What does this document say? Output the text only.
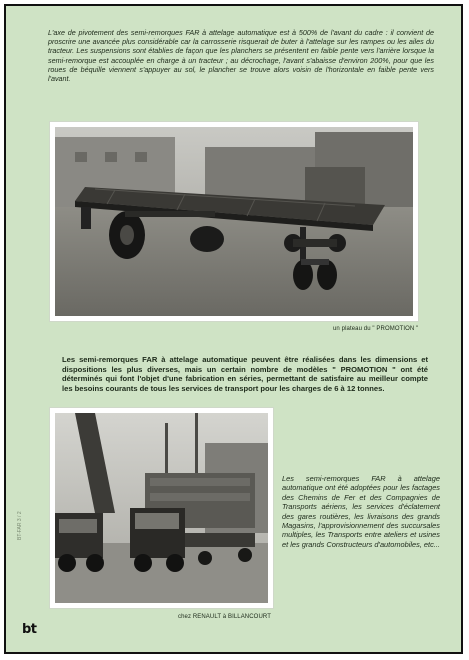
L'axe de pivotement des semi-remorques FAR à attelage automatique est à 500% de l'avant du cadre : il convient de proscrire une avancée plus considérable car la carrosserie risquerait de buter à l'attelage sur les rampes ou les ailes du tracteur. Les suspensions sont établies de façon que les planchers se présentent en faible pente vers l'arrière lorsque la semi-remorque est accouplée en charge à un tracteur ; au décrochage, l'avant s'abaisse d'environ 200%, pour que les roues de béquille viennent s'appuyer au sol, le plancher se trouve alors voisin de l'horizontale en faible pente vers l'avant.

un plateau du " PROMOTION "

Les semi-remorques FAR à attelage automatique peuvent être réalisées dans les dimensions et dispositions les plus diverses, mais un certain nombre de modèles " PROMOTION " ont été déterminés qui font l'objet d'une fabrication en séries, permettant de satisfaire au meilleur compte les besoins courants de tous les services de transport pour les charges de 6 à 12 tonnes.

chez RENAULT à BILLANCOURT

Les semi-remorques FAR à attelage automatique ont été adoptées pour les factages des Chemins de Fer et des Compagnies de Transports aériens, les services d'éclatement des gares routières, les livraisons des grands Magasins, l'approvisionnement des succursales multiples, les Transports entre ateliers et usines et les grands Constructeurs d'automobiles, etc...

BT-FAR 3 / 2
bt
